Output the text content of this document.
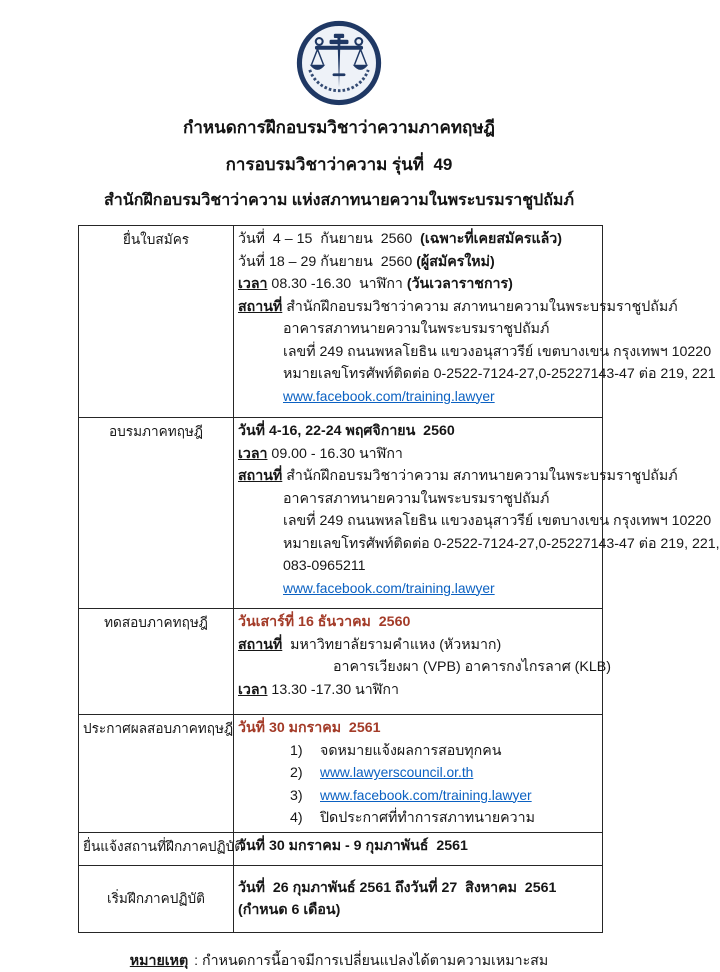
กำหนดการฝึกอบรมวิชาว่าความภาคทฤษฎี
การอบรมวิชาว่าความ รุ่นที่  49
สำนักฝึกอบรมวิชาว่าความ แห่งสภาทนายความในพระบรมราชูปถัมภ์
ยื่นใบสมัคร	วันที่  4 – 15  กันยายน  2560  (เฉพาะที่เคยสมัครแล้ว)
วันที่ 18 – 29 กันยายน  2560 (ผู้สมัครใหม่)
เวลา 08.30 -16.30  นาฬิกา (วันเวลาราชการ)
สถานที่ สำนักฝึกอบรมวิชาว่าความ สภาทนายความในพระบรมราชูปถัมภ์
อาคารสภาทนายความในพระบรมราชูปถัมภ์
เลขที่ 249 ถนนพหลโยธิน แขวงอนุสาวรีย์ เขตบางเขน กรุงเทพฯ 10220
หมายเลขโทรศัพท์ติดต่อ 0-2522-7124-27,0-25227143-47 ต่อ 219, 221
www.facebook.com/training.lawyer

อบรมภาคทฤษฎี	วันที่ 4-16, 22-24 พฤศจิกายน  2560
เวลา 09.00 - 16.30 นาฬิกา
สถานที่ สำนักฝึกอบรมวิชาว่าความ สภาทนายความในพระบรมราชูปถัมภ์
อาคารสภาทนายความในพระบรมราชูปถัมภ์
เลขที่ 249 ถนนพหลโยธิน แขวงอนุสาวรีย์ เขตบางเขน กรุงเทพฯ 10220
หมายเลขโทรศัพท์ติดต่อ 0-2522-7124-27,0-25227143-47 ต่อ 219, 221,
083-0965211
www.facebook.com/training.lawyer

ทดสอบภาคทฤษฎี	วันเสาร์ที่ 16 ธันวาคม  2560
สถานที่  มหาวิทยาลัยรามคำแหง (หัวหมาก)
อาคารเวียงผา (VPB) อาคารกงไกรลาศ (KLB)
เวลา 13.30 -17.30 นาฬิกา

ประกาศผลสอบภาคทฤษฎี	วันที่ 30 มกราคม  2561
1) จดหมายแจ้งผลการสอบทุกคน
2) www.lawyerscouncil.or.th
3) www.facebook.com/training.lawyer
4) ปิดประกาศที่ทำการสภาทนายความ

ยื่นแจ้งสถานที่ฝึกภาคปฏิบัติ	วันที่ 30 มกราคม - 9 กุมภาพันธ์  2561

เริ่มฝึกภาคปฏิบัติ	วันที่  26 กุมภาพันธ์ 2561 ถึงวันที่ 27  สิงหาคม  2561
(กำหนด 6 เดือน)
หมายเหตุ : กำหนดการนี้อาจมีการเปลี่ยนแปลงได้ตามความเหมาะสม
